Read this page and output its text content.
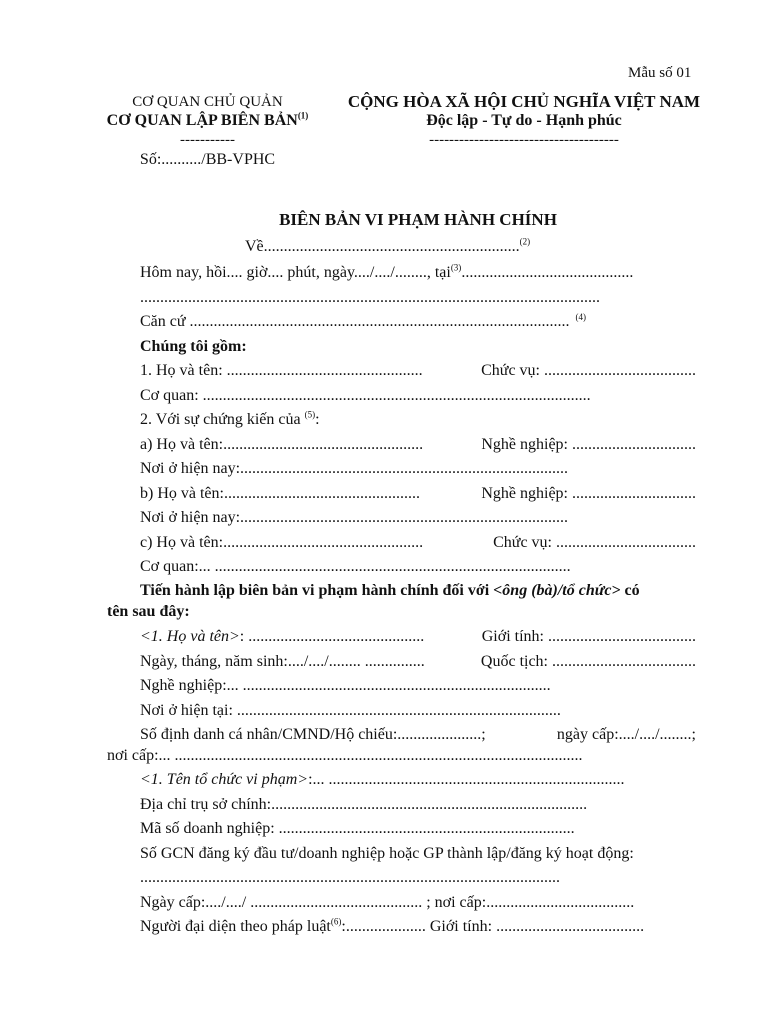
Mẫu số 01
CƠ QUAN CHỦ QUẢN
CƠ QUAN LẬP BIÊN BẢN$^{(1)}$
-----------
Số:........../BB-VPHC
CỘNG HÒA XÃ HỘI CHỦ NGHĨA VIỆT NAM
Độc lập - Tự do - Hạnh phúc
--------------------------------------
BIÊN BẢN VI PHẠM HÀNH CHÍNH
Về................................................................$^{(2)}$
Hôm nay, hồi.... giờ.... phút, ngày..../..../........, tại$^{(3)}$...........................................
...................................................................................................................
Căn cứ ............................................................................................... $^{(4)}$
Chúng tôi gồm:
1. Họ và tên: .................................................	Chức vụ: ......................................
Cơ quan: .................................................................................................
2. Với sự chứng kiến của $^{(5)}$:
a) Họ và tên:..................................................	Nghề nghiệp: ...............................
Nơi ở hiện nay:..................................................................................
b) Họ và tên:.................................................	Nghề nghiệp: ...............................
Nơi ở hiện nay:..................................................................................
c) Họ và tên:..................................................	Chức vụ: ...................................
Cơ quan:... .........................................................................................
Tiến hành lập biên bản vi phạm hành chính đối với <ông (bà)/tổ chức> có
tên sau đây:
<1. Họ và tên>: ............................................	Giới tính: .....................................
Ngày, tháng, năm sinh:..../..../........ ...............	Quốc tịch: ....................................
Nghề nghiệp:... .............................................................................
Nơi ở hiện tại: .................................................................................
Số định danh cá nhân/CMND/Hộ chiếu:.....................;	ngày cấp:..../..../........;
nơi cấp:... ......................................................................................................
<1. Tên tổ chức vi phạm>:... ..........................................................................
Địa chỉ trụ sở chính:...............................................................................
Mã số doanh nghiệp: ..........................................................................
Số GCN đăng ký đầu tư/doanh nghiệp hoặc GP thành lập/đăng ký hoạt động:
.........................................................................................................
Ngày cấp:..../..../ ........................................... ; nơi cấp:.....................................
Người đại diện theo pháp luật$^{(6)}$:.................... Giới tính: .....................................
